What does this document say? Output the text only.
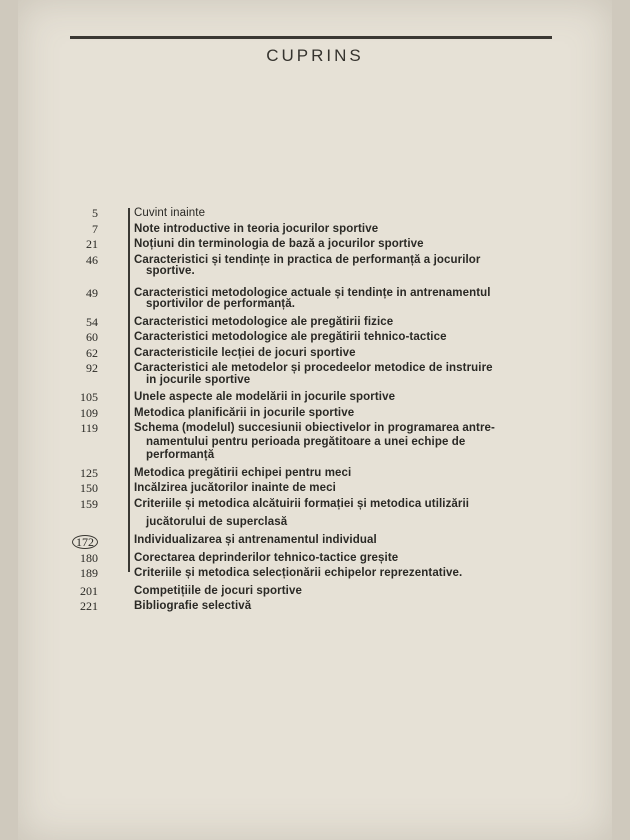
CUPRINS
5	Cuvint inainte
7	Note introductive in teoria jocurilor sportive
21	Noțiuni din terminologia de bază a jocurilor sportive
46	Caracteristici și tendințe in practica de performanță a jocurilor
sportive.
49	Caracteristici metodologice actuale și tendințe in antrenamentul
sportivilor de performanță.
54	Caracteristici metodologice ale pregătirii fizice
60	Caracteristici metodologice ale pregătirii tehnico-tactice
62	Caracteristicile lecției de jocuri sportive
92	Caracteristici ale metodelor și procedeelor metodice de instruire
in jocurile sportive
105	Unele aspecte ale modelării in jocurile sportive
109	Metodica planificării in jocurile sportive
119	Schema (modelul) succesiunii obiectivelor in programarea antre-
namentului pentru perioada pregătitoare a unei echipe de
performanță
125	Metodica pregătirii echipei pentru meci
150	Incălzirea jucătorilor inainte de meci
159	Criteriile și metodica alcătuirii formației și metodica utilizării
jucătorului de superclasă
172	Individualizarea și antrenamentul individual
180	Corectarea deprinderilor tehnico-tactice greșite
189	Criteriile și metodica selecționării echipelor reprezentative.
201	Competițiile de jocuri sportive
221	Bibliografie selectivă
